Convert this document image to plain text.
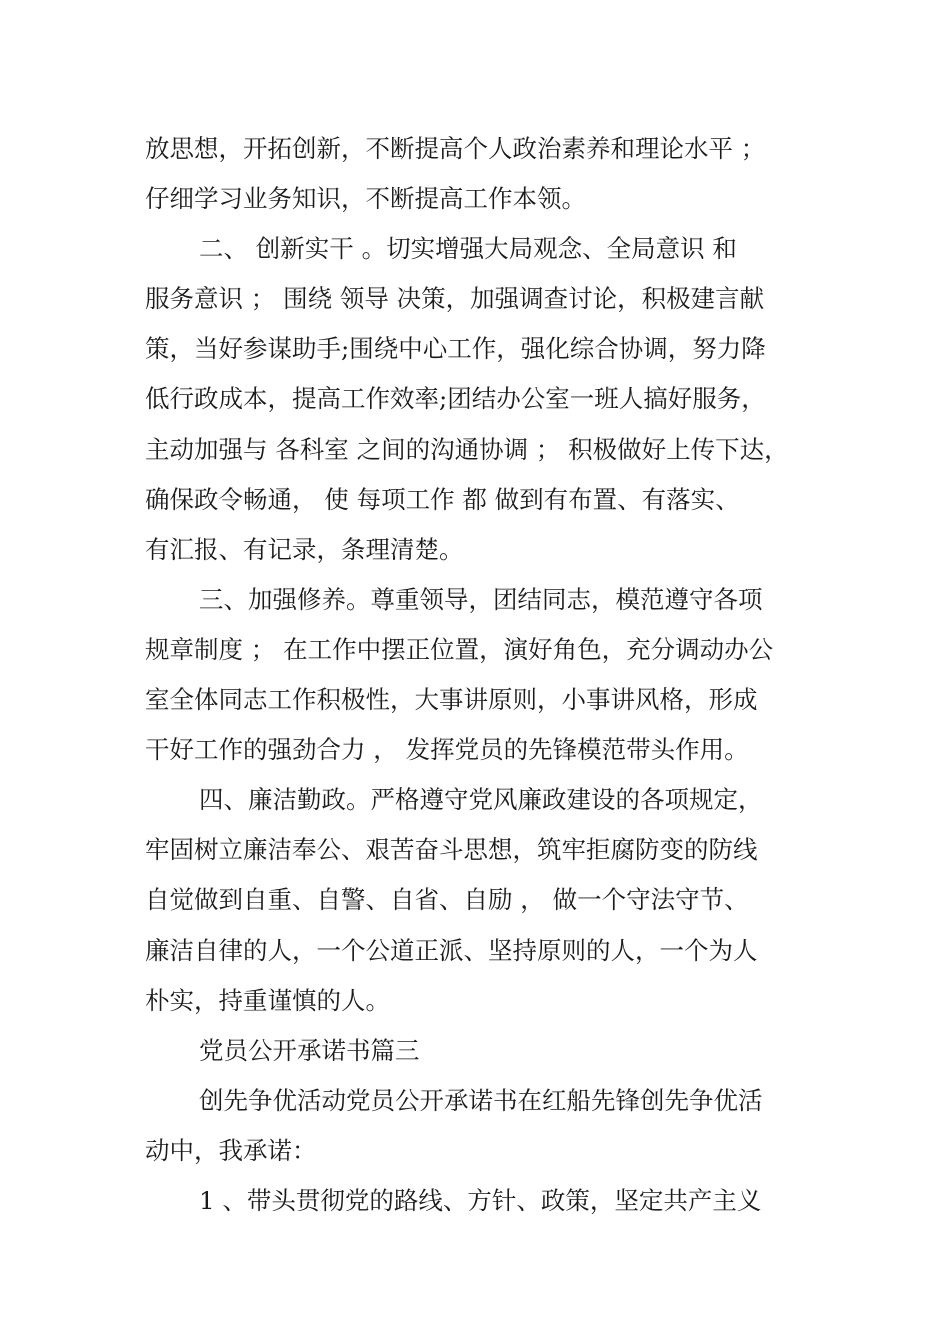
放思想，开拓创新，不断提高个人政治素养和理论水平 ；
仔细学习业务知识，不断提高工作本领。
二、 创新实干 。切实增强大局观念、全局意识 和
服务意识 ； 围绕 领导 决策，加强调查讨论，积极建言献
策，当好参谋助手;围绕中心工作，强化综合协调，努力降
低行政成本，提高工作效率;团结办公室一班人搞好服务，
主动加强与 各科室 之间的沟通协调 ； 积极做好上传下达，
确保政令畅通， 使 每项工作 都 做到有布置、有落实、
有汇报、有记录，条理清楚。
三、加强修养。尊重领导，团结同志，模范遵守各项
规章制度 ； 在工作中摆正位置，演好角色，充分调动办公
室全体同志工作积极性，大事讲原则，小事讲风格，形成
干好工作的强劲合力 ， 发挥党员的先锋模范带头作用。
四、廉洁勤政。严格遵守党风廉政建设的各项规定，
牢固树立廉洁奉公、艰苦奋斗思想，筑牢拒腐防变的防线
自觉做到自重、自警、自省、自励 ， 做一个守法守节、
廉洁自律的人，一个公道正派、坚持原则的人，一个为人
朴实，持重谨慎的人。
党员公开承诺书篇三
创先争优活动党员公开承诺书在红船先锋创先争优活
动中，我承诺：
1 、带头贯彻党的路线、方针、政策，坚定共产主义
